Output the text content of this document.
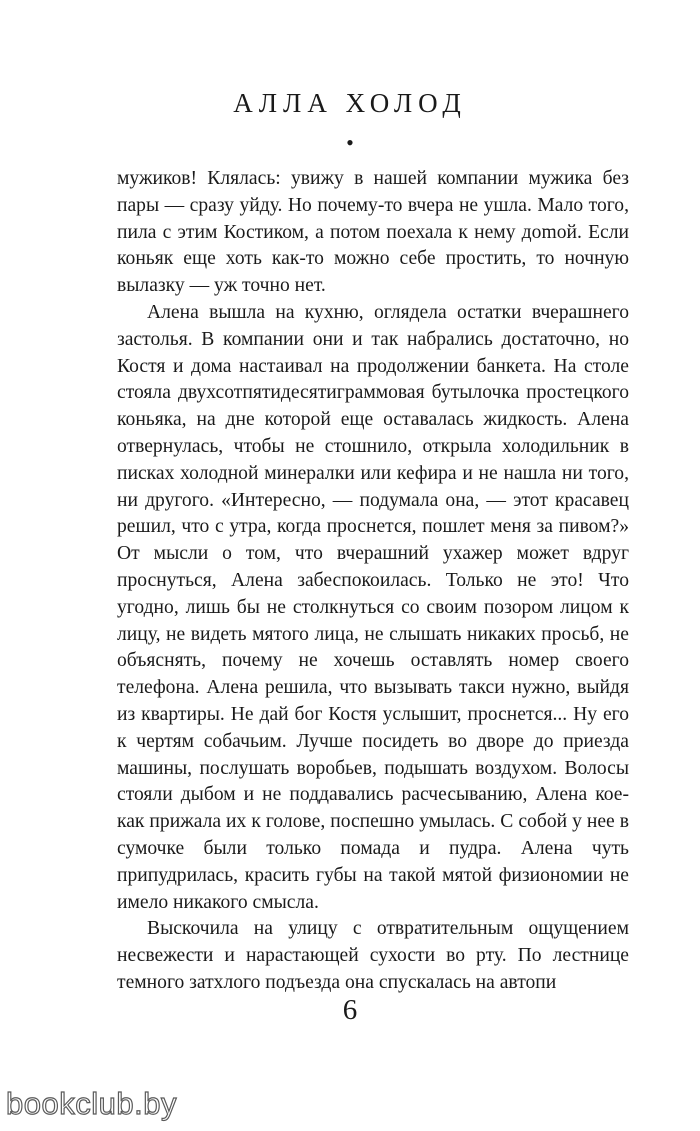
АЛЛА ХОЛОД
•

мужиков! Клялась: увижу в нашей компании мужика без пары — сразу уйду. Но почему-то вчера не ушла. Мало того, пила с этим Костиком, а потом поехала к нему доmой. Если коньяк еще хоть как-то можно себе простить, то ночную вылазку — уж точно нет.

Алена вышла на кухню, оглядела остатки вчерашнего застолья. В компании они и так набрались достаточно, но Костя и дома настаивал на продолжении банкета. На столе стояла двухсотпятидесятиграммовая бутылочка простецкого коньяка, на дне которой еще оставалась жидкость. Алена отвернулась, чтобы не стошнило, открыла холодильник в писках холодной минералки или кефира и не нашла ни того, ни другого. «Интересно, — подумала она, — этот красавец решил, что с утра, когда проснется, пошлет меня за пивом?» От мысли о том, что вчерашний ухажер может вдруг проснуться, Алена забеспокоилась. Только не это! Что угодно, лишь бы не столкнуться со своим позором лицом к лицу, не видеть мятого лица, не слышать никаких просьб, не объяснять, почему не хочешь оставлять номер своего телефона. Алена решила, что вызывать такси нужно, выйдя из квартиры. Не дай бог Костя услышит, проснется... Ну его к чертям собачьим. Лучше посидеть во дворе до приезда машины, послушать воробьев, подышать воздухом. Волосы стояли дыбом и не поддавались расчесыванию, Алена кое-как прижала их к голове, поспешно умылась. С собой у нее в сумочке были только помада и пудра. Алена чуть припудрилась, красить губы на такой мятой физиономии не имело никакого смысла.

Выскочила на улицу с отвратительным ощущением несвежести и нарастающей сухости во рту. По лестнице темного затхлого подъезда она спускалась на автопи

6
bookclub.by
